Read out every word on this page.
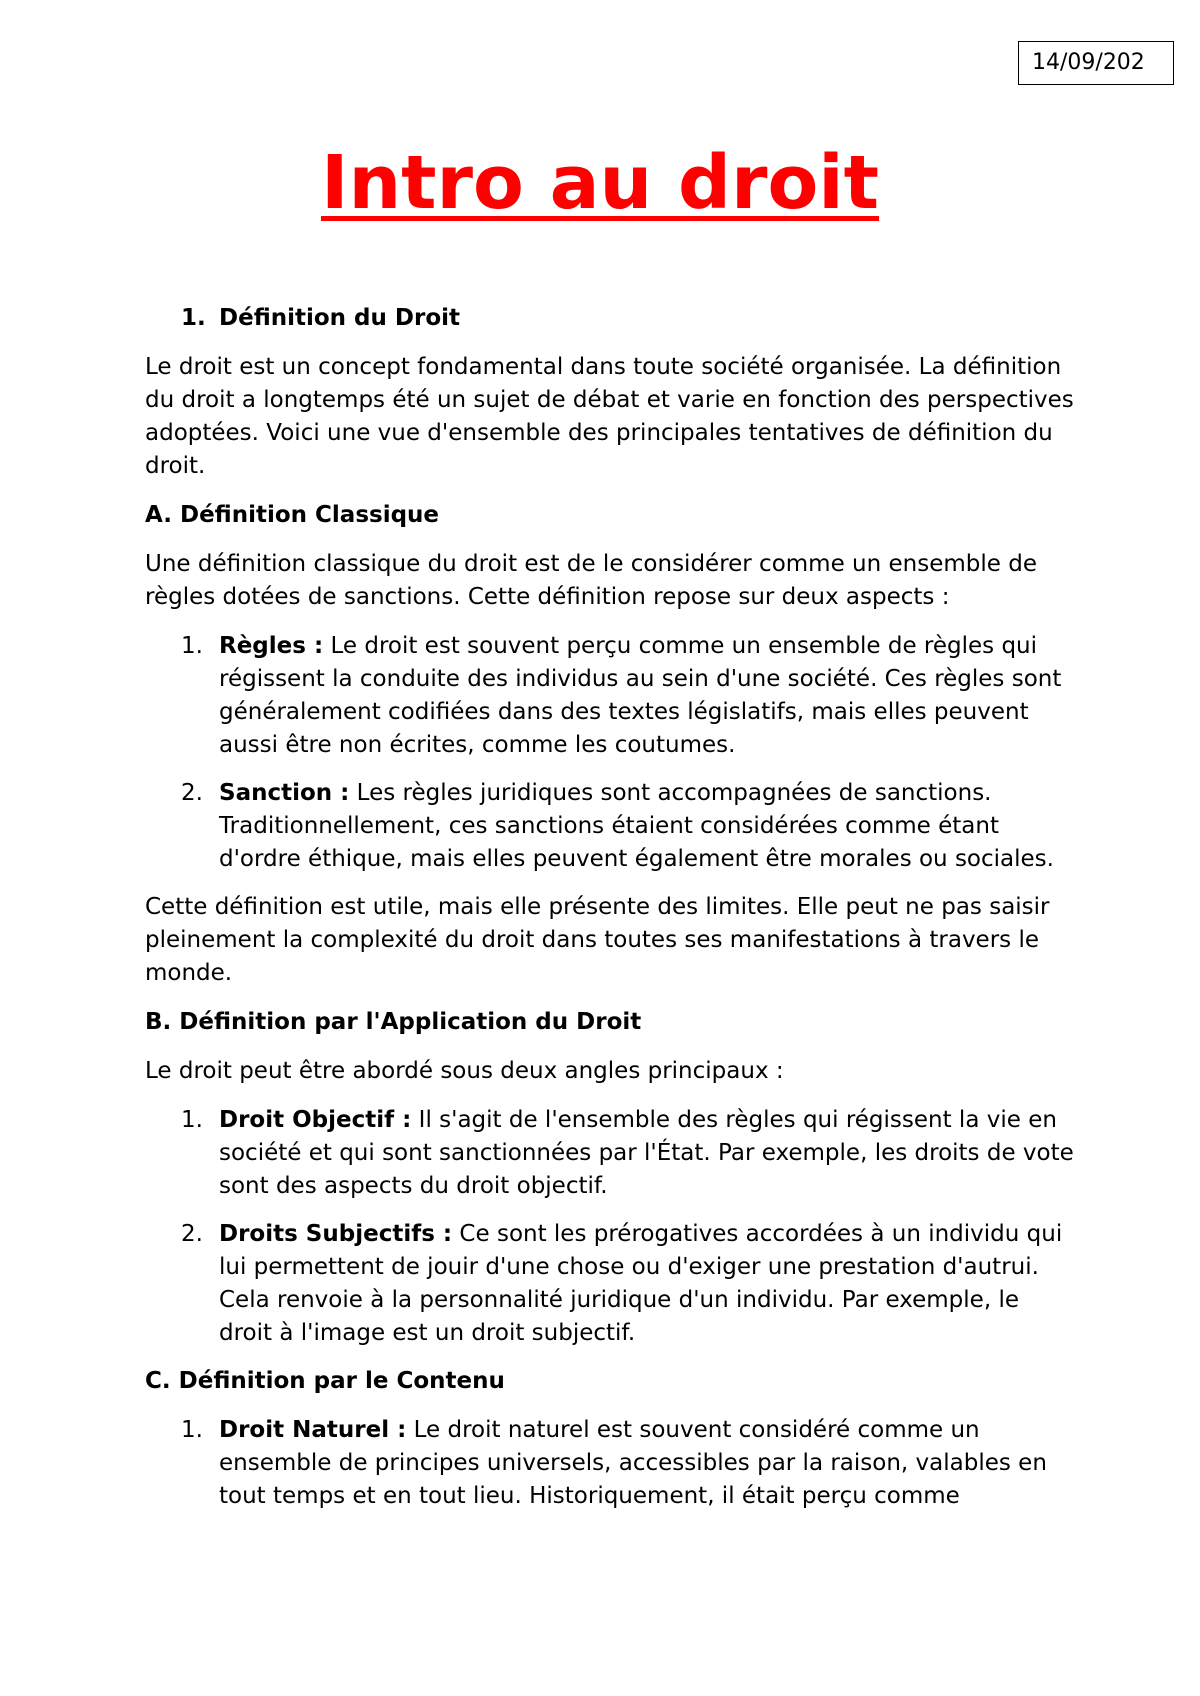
14/09/202
Intro au droit
1. Définition du Droit

Le droit est un concept fondamental dans toute société organisée. La définition du droit a longtemps été un sujet de débat et varie en fonction des perspectives adoptées. Voici une vue d'ensemble des principales tentatives de définition du droit.

A. Définition Classique

Une définition classique du droit est de le considérer comme un ensemble de règles dotées de sanctions. Cette définition repose sur deux aspects :

1. Règles : Le droit est souvent perçu comme un ensemble de règles qui régissent la conduite des individus au sein d'une société. Ces règles sont généralement codifiées dans des textes législatifs, mais elles peuvent aussi être non écrites, comme les coutumes.
2. Sanction : Les règles juridiques sont accompagnées de sanctions. Traditionnellement, ces sanctions étaient considérées comme étant d'ordre éthique, mais elles peuvent également être morales ou sociales.

Cette définition est utile, mais elle présente des limites. Elle peut ne pas saisir pleinement la complexité du droit dans toutes ses manifestations à travers le monde.

B. Définition par l'Application du Droit

Le droit peut être abordé sous deux angles principaux :

1. Droit Objectif : Il s'agit de l'ensemble des règles qui régissent la vie en société et qui sont sanctionnées par l'État. Par exemple, les droits de vote sont des aspects du droit objectif.
2. Droits Subjectifs : Ce sont les prérogatives accordées à un individu qui lui permettent de jouir d'une chose ou d'exiger une prestation d'autrui. Cela renvoie à la personnalité juridique d'un individu. Par exemple, le droit à l'image est un droit subjectif.
C. Définition par le Contenu
1. Droit Naturel : Le droit naturel est souvent considéré comme un ensemble de principes universels, accessibles par la raison, valables en tout temps et en tout lieu. Historiquement, il était perçu comme
